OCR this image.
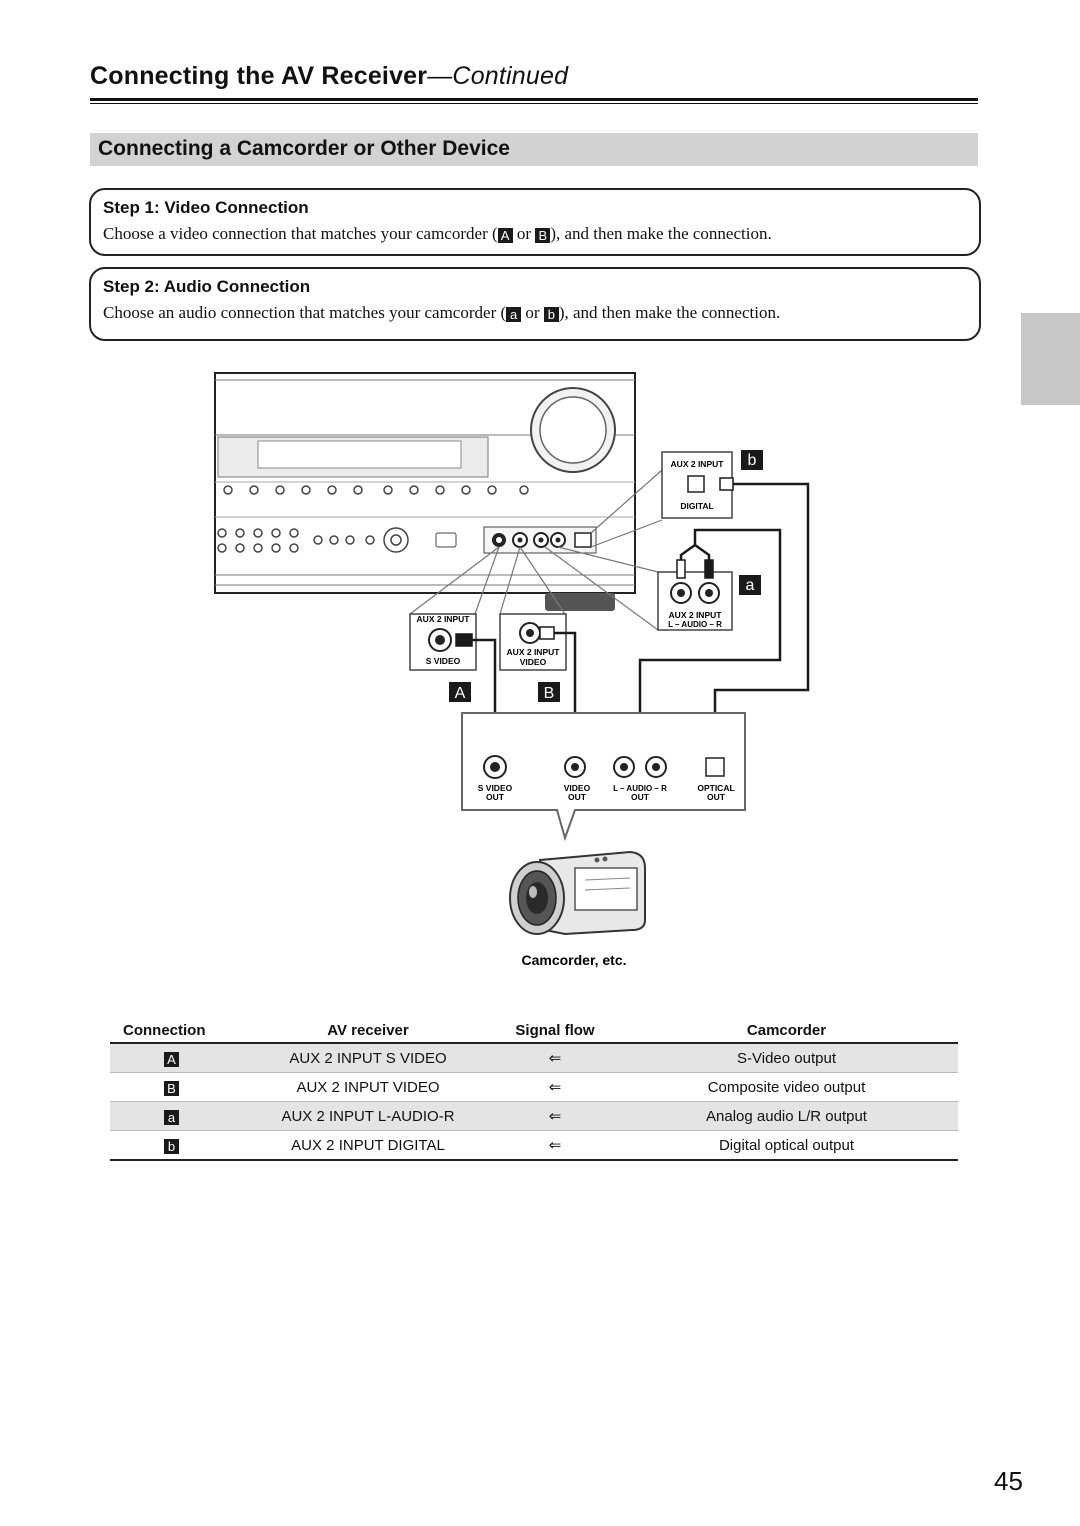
Connecting the AV Receiver—Continued
Connecting a Camcorder or Other Device
Step 1: Video Connection
Choose a video connection that matches your camcorder ( A or B ), and then make the connection.
Step 2: Audio Connection
Choose an audio connection that matches your camcorder ( a or b ), and then make the connection.
AUX 2 INPUT
DIGITAL
b
AUX 2 INPUT
L – AUDIO – R
a
AUX 2 INPUT
S VIDEO
AUX 2 INPUT
VIDEO
A	B
S VIDEO
OUT
VIDEO
OUT
L – AUDIO – R
OUT
OPTICAL
OUT
Camcorder, etc.
Connection	AV receiver	Signal flow	Camcorder
A	AUX 2 INPUT S VIDEO	⇐	S-Video output
B	AUX 2 INPUT VIDEO	⇐	Composite video output
a	AUX 2 INPUT L-AUDIO-R	⇐	Analog audio L/R output
b	AUX 2 INPUT DIGITAL	⇐	Digital optical output
45
